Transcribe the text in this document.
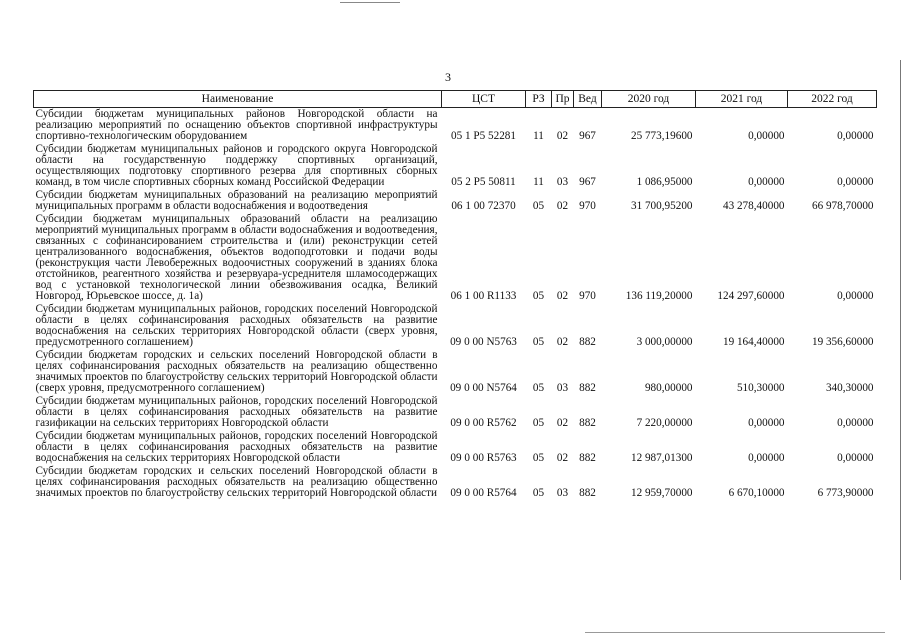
3
Наименование	ЦСТ	РЗ	Пр	Вед	2020 год	2021 год	2022 год
Субсидии бюджетам муниципальных районов Новгородской области на реализацию мероприятий по оснащению объектов спортивной инфраструктуры спортивно-технологическим оборудованием	05 1 P5 52281	11	02	967	25 773,19600	0,00000	0,00000
Субсидии бюджетам муниципальных районов и городского округа Новгородской области на государственную поддержку спортивных организаций, осуществляющих подготовку спортивного резерва для спортивных сборных команд, в том числе спортивных сборных команд Российской Федерации	05 2 P5 50811	11	03	967	1 086,95000	0,00000	0,00000
Субсидии бюджетам муниципальных образований на реализацию мероприятий муниципальных программ в области водоснабжения и водоотведения	06 1 00 72370	05	02	970	31 700,95200	43 278,40000	66 978,70000
Субсидии бюджетам муниципальных образований области на реализацию мероприятий муниципальных программ в области водоснабжения и водоотведения, связанных с софинансированием строительства и (или) реконструкции сетей централизованного водоснабжения, объектов водоподготовки и подачи воды (реконструкция части Левобережных водоочистных сооружений в зданиях блока отстойников, реагентного хозяйства и резервуара-усреднителя шламосодержащих вод с установкой технологической линии обезвоживания осадка, Великий Новгород, Юрьевское шоссе, д. 1а)	06 1 00 R1133	05	02	970	136 119,20000	124 297,60000	0,00000
Субсидии бюджетам муниципальных районов, городских поселений Новгородской области в целях софинансирования расходных обязательств на развитие водоснабжения на сельских территориях Новгородской области (сверх уровня, предусмотренного соглашением)	09 0 00 N5763	05	02	882	3 000,00000	19 164,40000	19 356,60000
Субсидии бюджетам городских и сельских поселений Новгородской области в целях софинансирования расходных обязательств на реализацию общественно значимых проектов по благоустройству сельских территорий Новгородской области (сверх уровня, предусмотренного соглашением)	09 0 00 N5764	05	03	882	980,00000	510,30000	340,30000
Субсидии бюджетам муниципальных районов, городских поселений Новгородской области в целях софинансирования расходных обязательств на развитие газификации на сельских территориях Новгородской области	09 0 00 R5762	05	02	882	7 220,00000	0,00000	0,00000
Субсидии бюджетам муниципальных районов, городских поселений Новгородской области в целях софинансирования расходных обязательств на развитие водоснабжения на сельских территориях Новгородской области	09 0 00 R5763	05	02	882	12 987,01300	0,00000	0,00000
Субсидии бюджетам городских и сельских поселений Новгородской области в целях софинансирования расходных обязательств на реализацию общественно значимых проектов по благоустройству сельских территорий Новгородской области	09 0 00 R5764	05	03	882	12 959,70000	6 670,10000	6 773,90000
